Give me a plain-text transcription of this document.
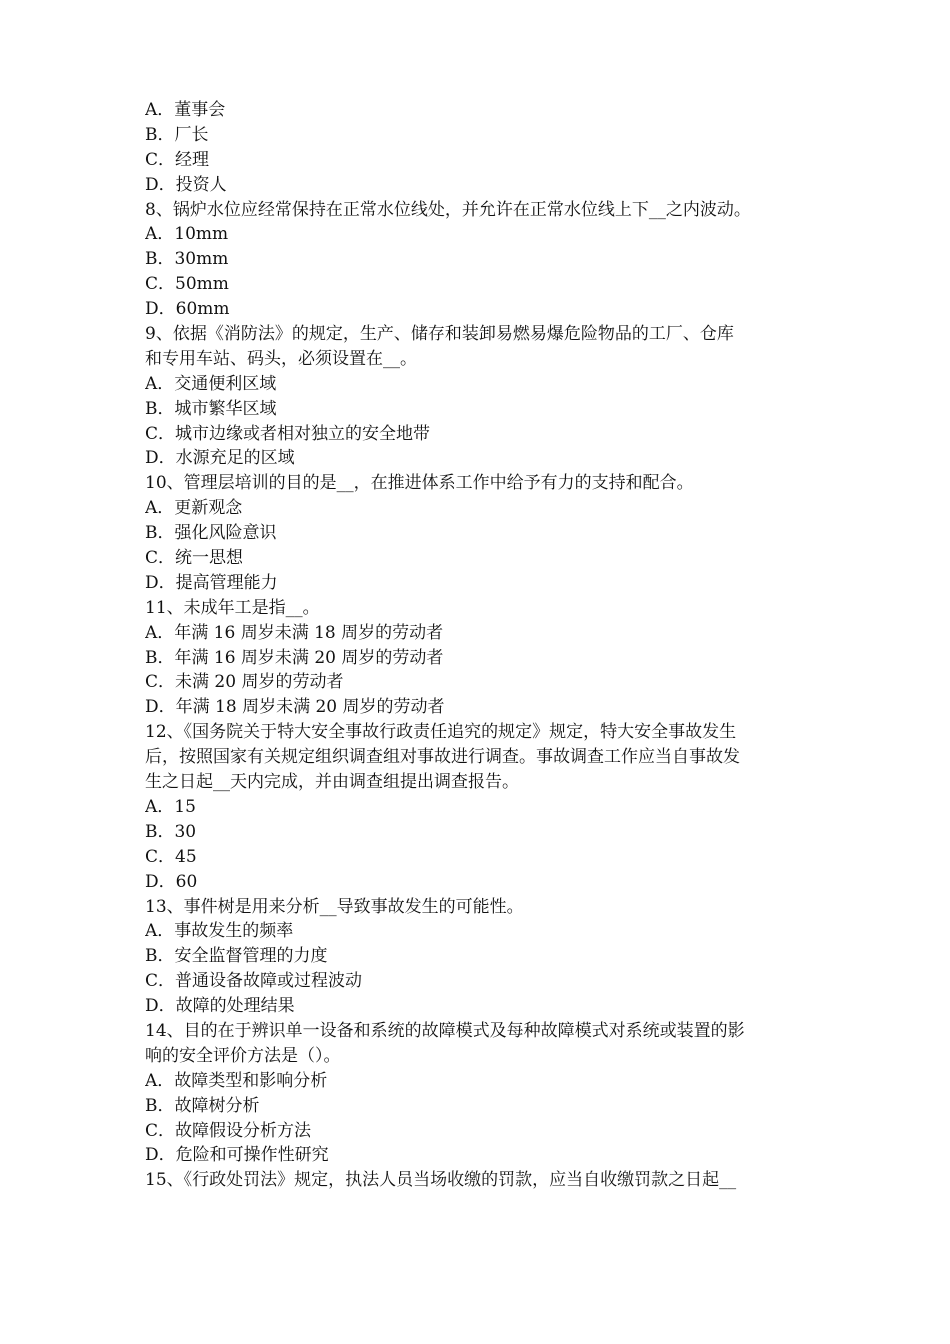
A．董事会
B．厂长
C．经理
D．投资人
8、锅炉水位应经常保持在正常水位线处，并允许在正常水位线上下__之内波动。
A．10mm
B．30mm
C．50mm
D．60mm
9、依据《消防法》的规定，生产、储存和装卸易燃易爆危险物品的工厂、仓库
和专用车站、码头，必须设置在__。
A．交通便利区域
B．城市繁华区域
C．城市边缘或者相对独立的安全地带
D．水源充足的区域
10、管理层培训的目的是__，在推进体系工作中给予有力的支持和配合。
A．更新观念
B．强化风险意识
C．统一思想
D．提高管理能力
11、未成年工是指__。
A．年满 16 周岁未满 18 周岁的劳动者
B．年满 16 周岁未满 20 周岁的劳动者
C．未满 20 周岁的劳动者
D．年满 18 周岁未满 20 周岁的劳动者
12、《国务院关于特大安全事故行政责任追究的规定》规定，特大安全事故发生
后，按照国家有关规定组织调查组对事故进行调查。事故调查工作应当自事故发
生之日起__天内完成，并由调查组提出调查报告。
A．15
B．30
C．45
D．60
13、事件树是用来分析__导致事故发生的可能性。
A．事故发生的频率
B．安全监督管理的力度
C．普通设备故障或过程波动
D．故障的处理结果
14、目的在于辨识单一设备和系统的故障模式及每种故障模式对系统或装置的影
响的安全评价方法是（）。
A．故障类型和影响分析
B．故障树分析
C．故障假设分析方法
D．危险和可操作性研究
15、《行政处罚法》规定，执法人员当场收缴的罚款，应当自收缴罚款之日起__
